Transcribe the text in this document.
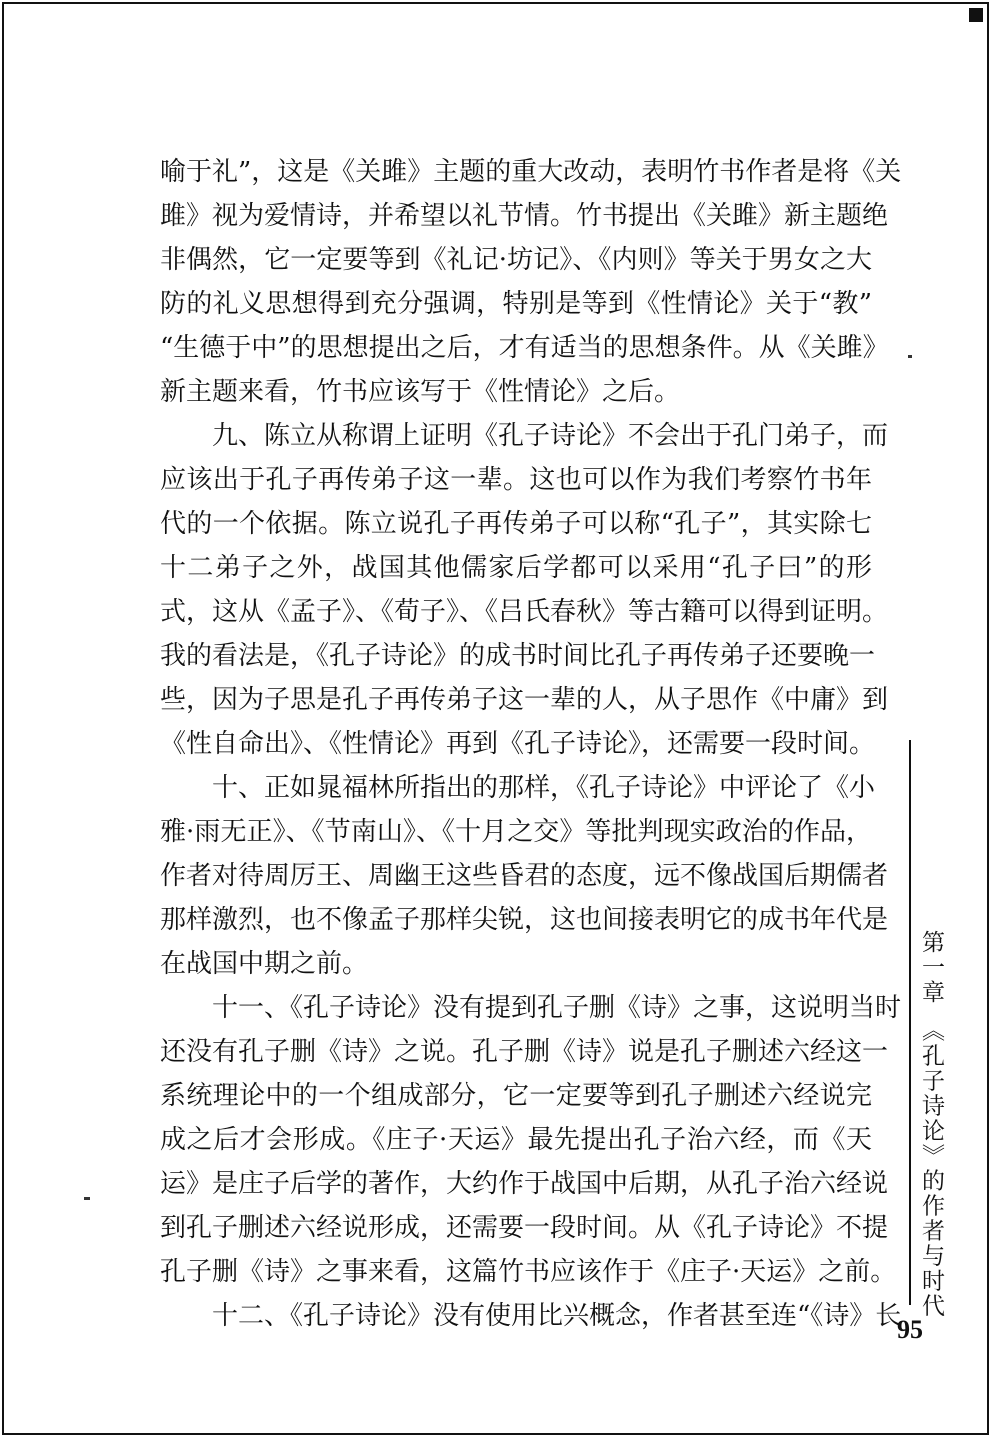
喻于礼”，这是《关雎》主题的重大改动，表明竹书作者是将《关
雎》视为爱情诗，并希望以礼节情。竹书提出《关雎》新主题绝
非偶然，它一定要等到《礼记·坊记》、《内则》等关于男女之大
防的礼义思想得到充分强调，特别是等到《性情论》关于“教”
“生德于中”的思想提出之后，才有适当的思想条件。从《关雎》
新主题来看，竹书应该写于《性情论》之后。
九、陈立从称谓上证明《孔子诗论》不会出于孔门弟子，而
应该出于孔子再传弟子这一辈。这也可以作为我们考察竹书年
代的一个依据。陈立说孔子再传弟子可以称“孔子”，其实除七
十二弟子之外，战国其他儒家后学都可以采用“孔子曰”的形
式，这从《孟子》、《荀子》、《吕氏春秋》等古籍可以得到证明。
我的看法是，《孔子诗论》的成书时间比孔子再传弟子还要晚一
些，因为子思是孔子再传弟子这一辈的人，从子思作《中庸》到
《性自命出》、《性情论》再到《孔子诗论》，还需要一段时间。
十、正如晁福林所指出的那样，《孔子诗论》中评论了《小
雅·雨无正》、《节南山》、《十月之交》等批判现实政治的作品，
作者对待周厉王、周幽王这些昏君的态度，远不像战国后期儒者
那样激烈，也不像孟子那样尖锐，这也间接表明它的成书年代是
在战国中期之前。
十一、《孔子诗论》没有提到孔子删《诗》之事，这说明当时
还没有孔子删《诗》之说。孔子删《诗》说是孔子删述六经这一
系统理论中的一个组成部分，它一定要等到孔子删述六经说完
成之后才会形成。《庄子·天运》最先提出孔子治六经，而《天
运》是庄子后学的著作，大约作于战国中后期，从孔子治六经说
到孔子删述六经说形成，还需要一段时间。从《孔子诗论》不提
孔子删《诗》之事来看，这篇竹书应该作于《庄子·天运》之前。
十二、《孔子诗论》没有使用比兴概念，作者甚至连“《诗》长 第一章　《孔子诗论》的作者与时代
95
